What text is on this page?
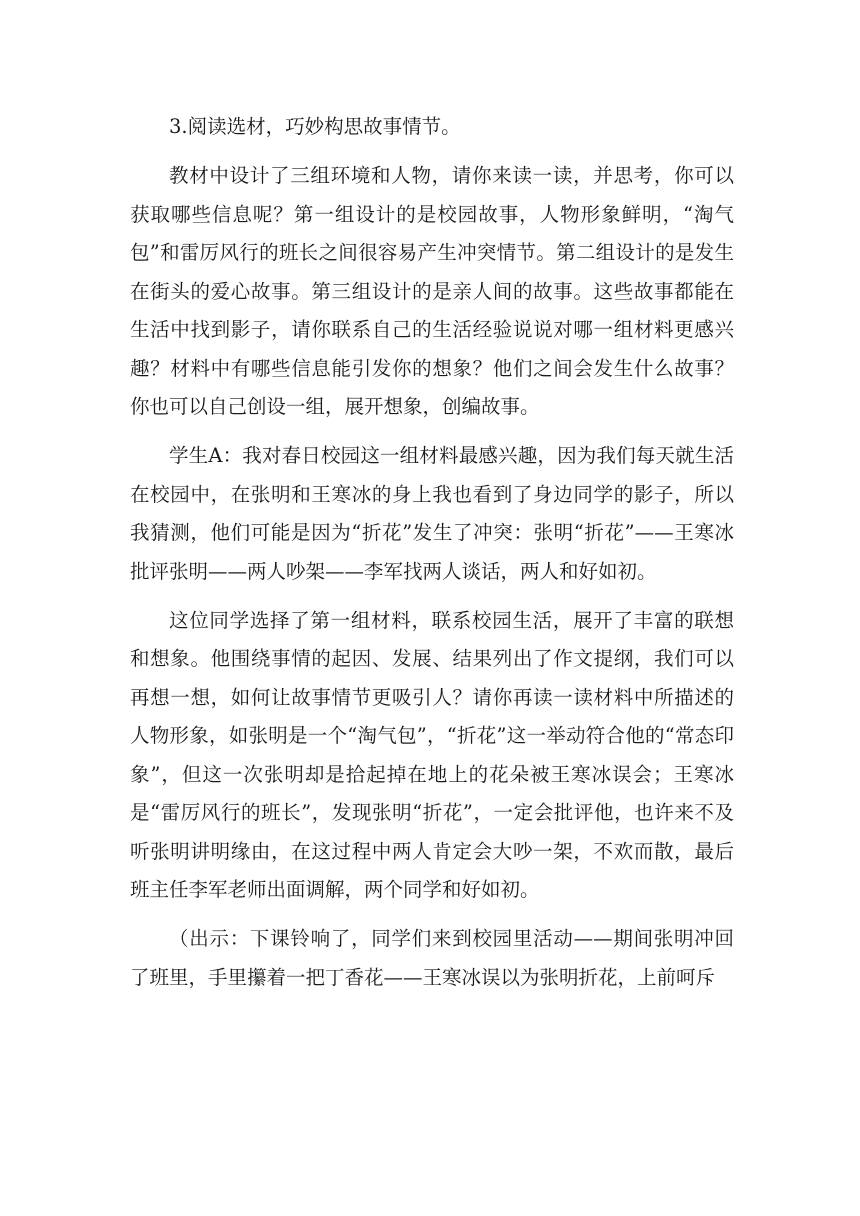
3.阅读选材，巧妙构思故事情节。

教材中设计了三组环境和人物，请你来读一读，并思考，你可以获取哪些信息呢？第一组设计的是校园故事，人物形象鲜明，“淘气包”和雷厉风行的班长之间很容易产生冲突情节。第二组设计的是发生在街头的爱心故事。第三组设计的是亲人间的故事。这些故事都能在生活中找到影子，请你联系自己的生活经验说说对哪一组材料更感兴趣？材料中有哪些信息能引发你的想象？他们之间会发生什么故事？你也可以自己创设一组，展开想象，创编故事。

学生A：我对春日校园这一组材料最感兴趣，因为我们每天就生活在校园中，在张明和王寒冰的身上我也看到了身边同学的影子，所以我猜测，他们可能是因为“折花”发生了冲突：张明“折花”——王寒冰批评张明——两人吵架——李军找两人谈话，两人和好如初。

这位同学选择了第一组材料，联系校园生活，展开了丰富的联想和想象。他围绕事情的起因、发展、结果列出了作文提纲，我们可以再想一想，如何让故事情节更吸引人？请你再读一读材料中所描述的人物形象，如张明是一个“淘气包”，“折花”这一举动符合他的“常态印象”，但这一次张明却是拾起掉在地上的花朵被王寒冰误会；王寒冰是“雷厉风行的班长”，发现张明“折花”，一定会批评他，也许来不及听张明讲明缘由，在这过程中两人肯定会大吵一架，不欢而散，最后班主任李军老师出面调解，两个同学和好如初。

（出示：下课铃响了，同学们来到校园里活动——期间张明冲回了班里，手里攥着一把丁香花——王寒冰误以为张明折花，上前呵斥
